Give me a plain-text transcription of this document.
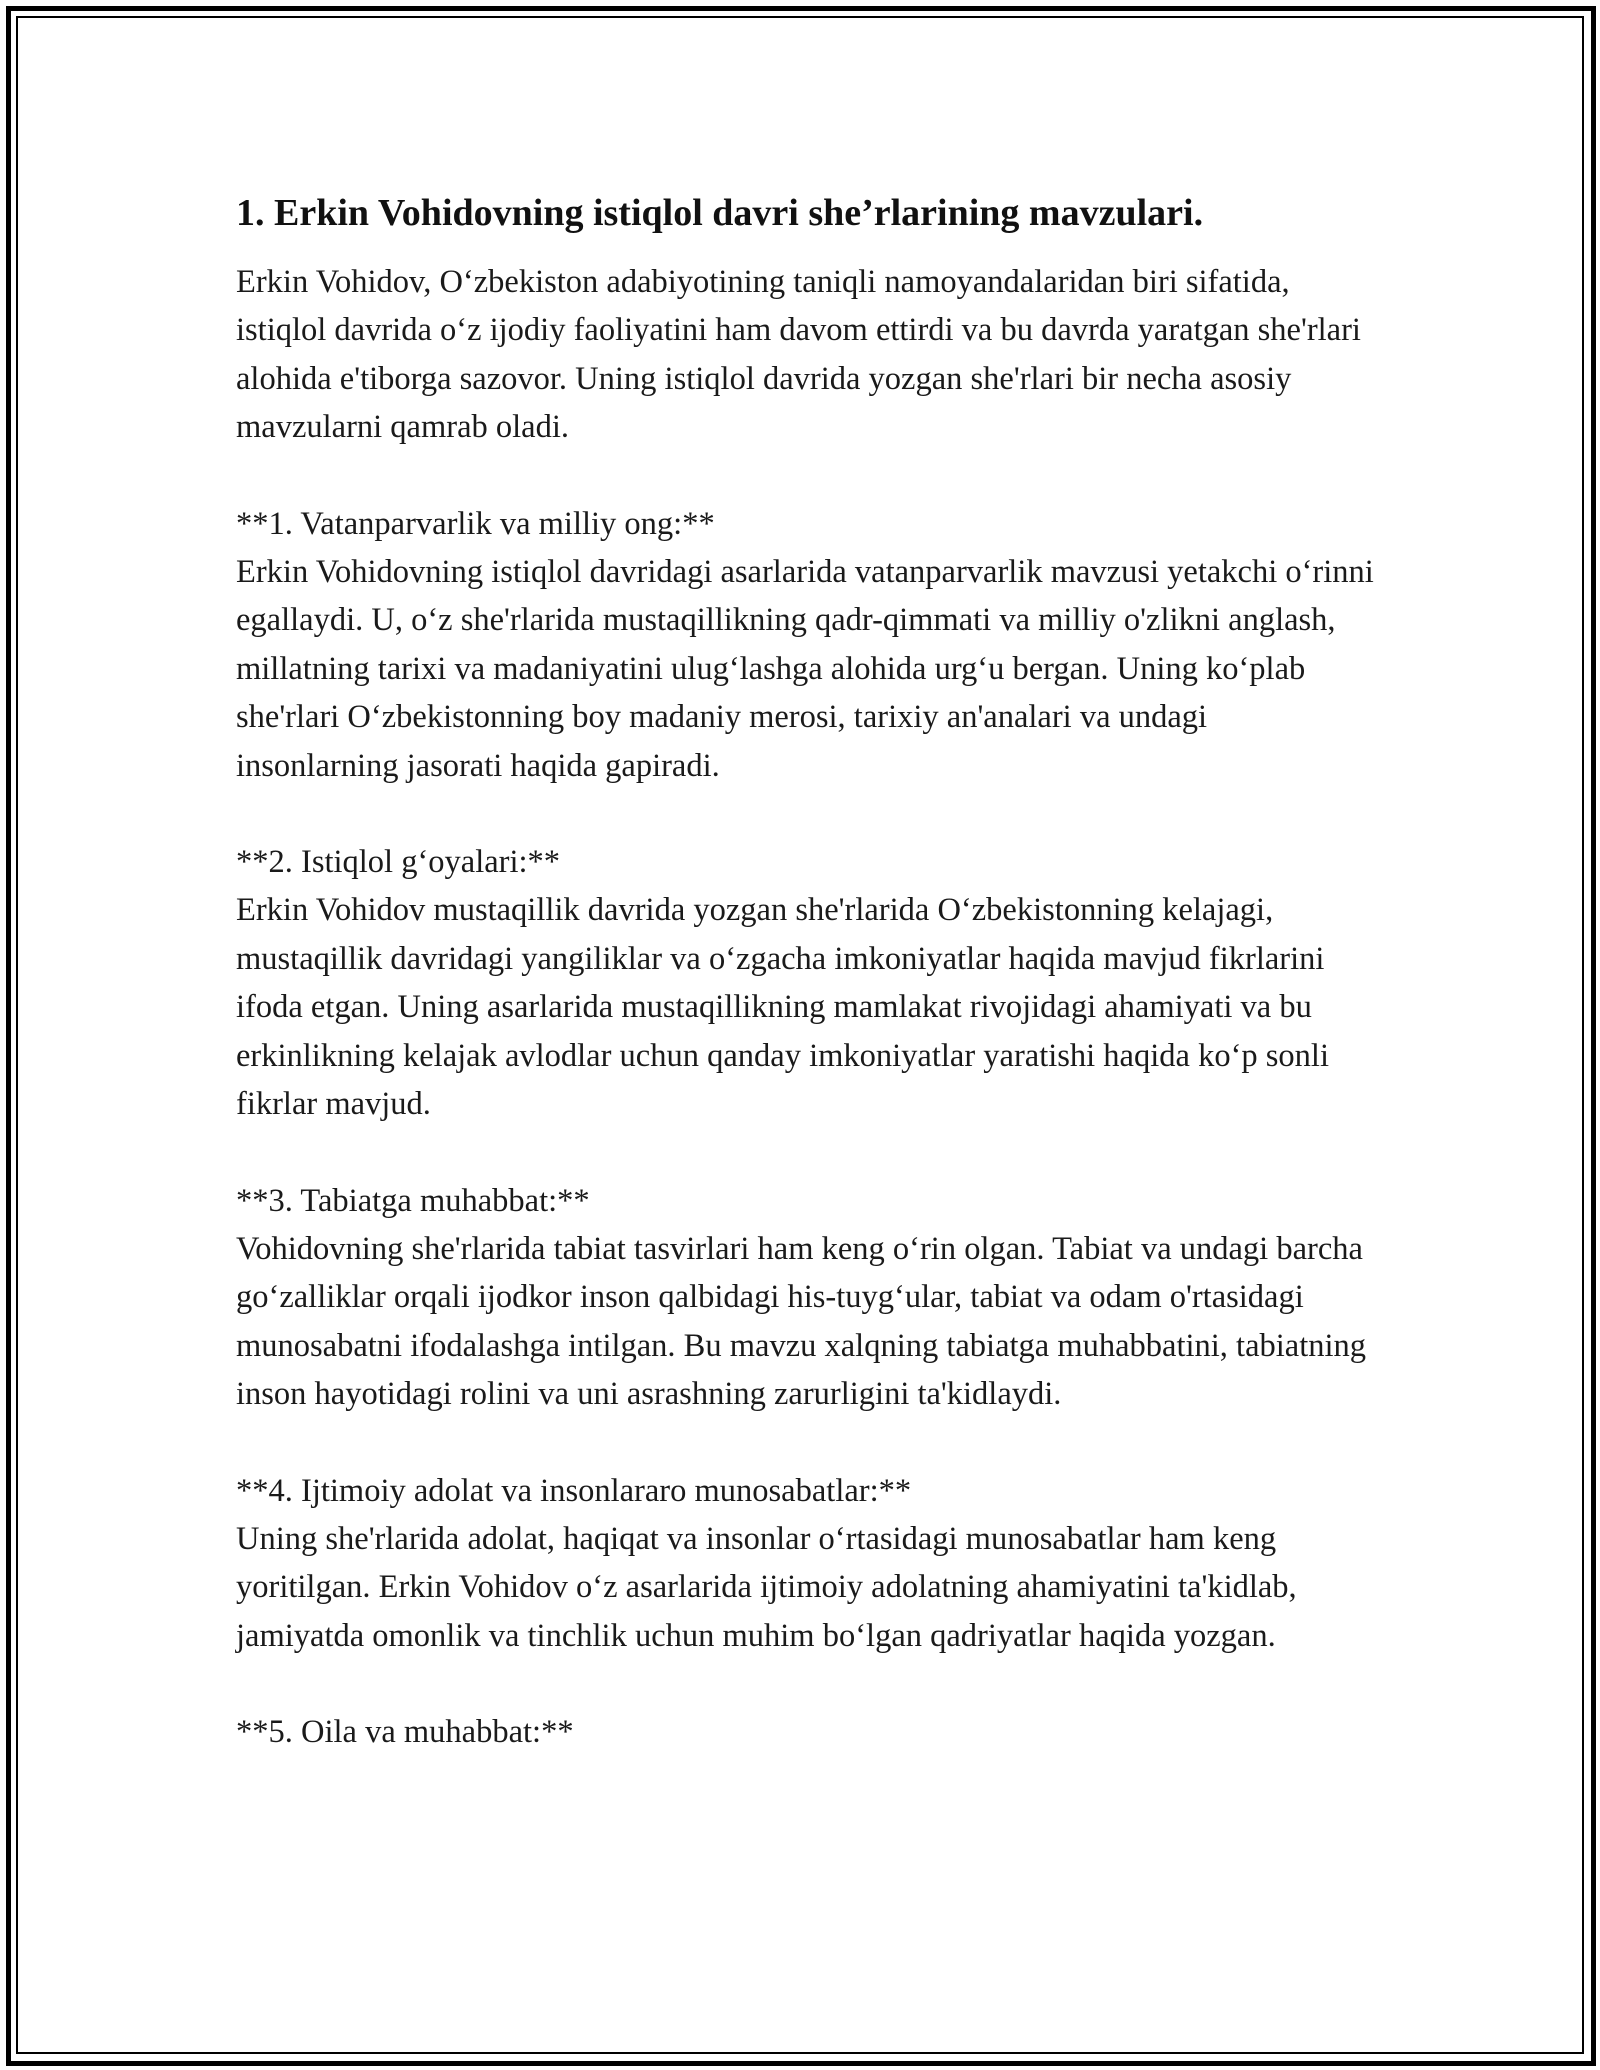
1. Erkin Vohidovning istiqlol davri she’rlarining mavzulari.

Erkin Vohidov, O‘zbekiston adabiyotining taniqli namoyandalaridan biri sifatida, istiqlol davrida o‘z ijodiy faoliyatini ham davom ettirdi va bu davrda yaratgan she'rlari alohida e'tiborga sazovor. Uning istiqlol davrida yozgan she'rlari bir necha asosiy mavzularni qamrab oladi.

**1. Vatanparvarlik va milliy ong:**

Erkin Vohidovning istiqlol davridagi asarlarida vatanparvarlik mavzusi yetakchi o‘rinni egallaydi. U, o‘z she'rlarida mustaqillikning qadr-qimmati va milliy o'zlikni anglash, millatning tarixi va madaniyatini ulug‘lashga alohida urg‘u bergan. Uning ko‘plab she'rlari O‘zbekistonning boy madaniy merosi, tarixiy an'analari va undagi insonlarning jasorati haqida gapiradi.

**2. Istiqlol g‘oyalari:**

Erkin Vohidov mustaqillik davrida yozgan she'rlarida O‘zbekistonning kelajagi, mustaqillik davridagi yangiliklar va o‘zgacha imkoniyatlar haqida mavjud fikrlarini ifoda etgan. Uning asarlarida mustaqillikning mamlakat rivojidagi ahamiyati va bu erkinlikning kelajak avlodlar uchun qanday imkoniyatlar yaratishi haqida ko‘p sonli fikrlar mavjud.

**3. Tabiatga muhabbat:**

Vohidovning she'rlarida tabiat tasvirlari ham keng o‘rin olgan. Tabiat va undagi barcha go‘zalliklar orqali ijodkor inson qalbidagi his-tuyg‘ular, tabiat va odam o'rtasidagi munosabatni ifodalashga intilgan. Bu mavzu xalqning tabiatga muhabbatini, tabiatning inson hayotidagi rolini va uni asrashning zarurligini ta'kidlaydi.

**4. Ijtimoiy adolat va insonlararo munosabatlar:**

Uning she'rlarida adolat, haqiqat va insonlar o‘rtasidagi munosabatlar ham keng yoritilgan. Erkin Vohidov o‘z asarlarida ijtimoiy adolatning ahamiyatini ta'kidlab, jamiyatda omonlik va tinchlik uchun muhim bo‘lgan qadriyatlar haqida yozgan.

**5. Oila va muhabbat:**
